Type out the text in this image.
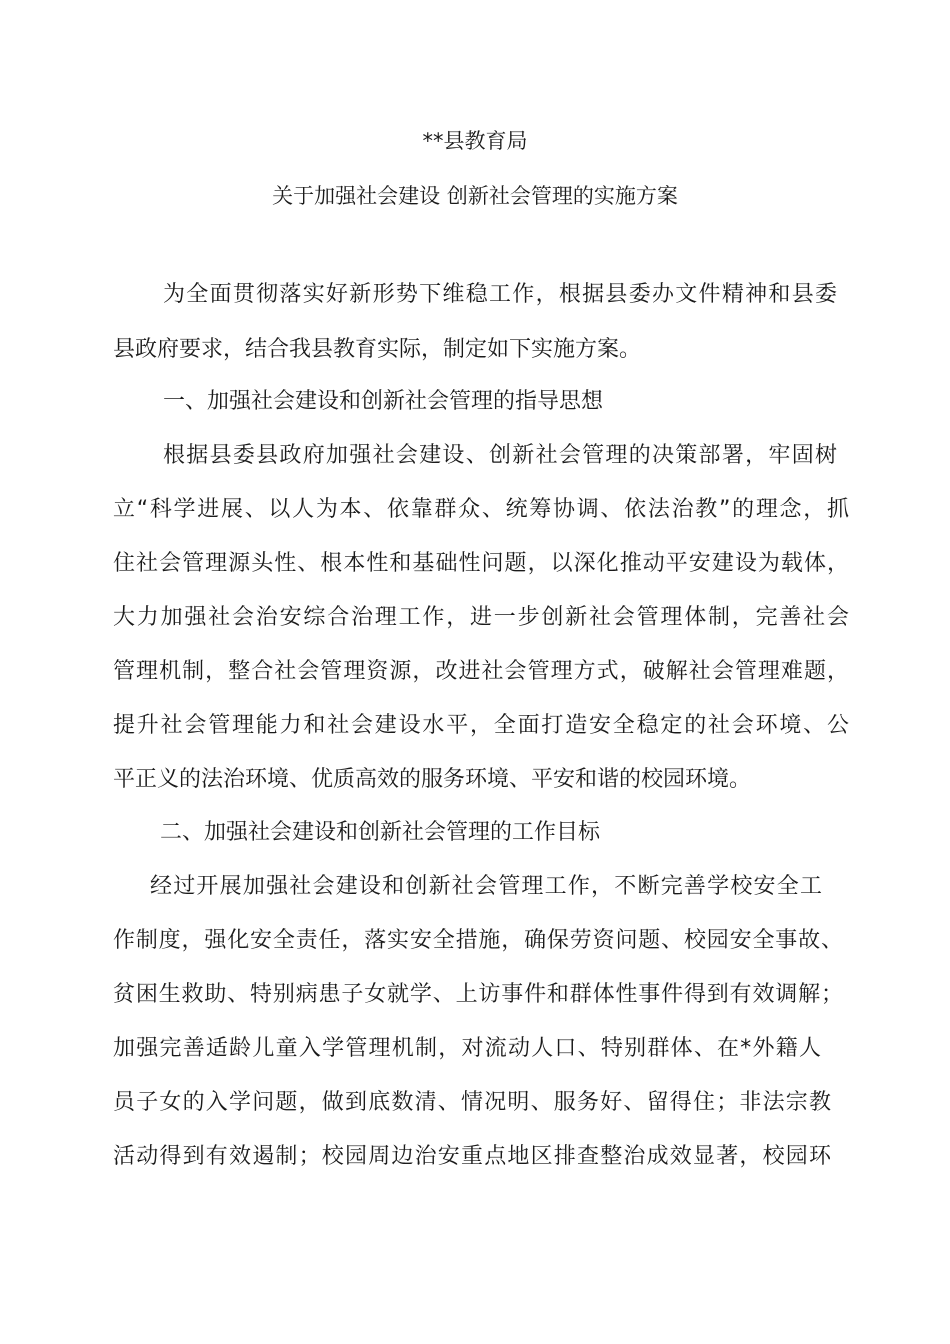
**县教育局
关于加强社会建设 创新社会管理的实施方案
为全面贯彻落实好新形势下维稳工作，根据县委办文件精神和县委
县政府要求，结合我县教育实际，制定如下实施方案。
一、加强社会建设和创新社会管理的指导思想
根据县委县政府加强社会建设、创新社会管理的决策部署，牢固树
立“科学进展、以人为本、依靠群众、统筹协调、依法治教”的理念，抓
住社会管理源头性、根本性和基础性问题，以深化推动平安建设为载体，
大力加强社会治安综合治理工作，进一步创新社会管理体制，完善社会
管理机制，整合社会管理资源，改进社会管理方式，破解社会管理难题，
提升社会管理能力和社会建设水平，全面打造安全稳定的社会环境、公
平正义的法治环境、优质高效的服务环境、平安和谐的校园环境。
二、加强社会建设和创新社会管理的工作目标
经过开展加强社会建设和创新社会管理工作，不断完善学校安全工
作制度，强化安全责任，落实安全措施，确保劳资问题、校园安全事故、
贫困生救助、特别病患子女就学、上访事件和群体性事件得到有效调解；
加强完善适龄儿童入学管理机制，对流动人口、特别群体、在*外籍人
员子女的入学问题，做到底数清、情况明、服务好、留得住；非法宗教
活动得到有效遏制；校园周边治安重点地区排查整治成效显著，校园环
